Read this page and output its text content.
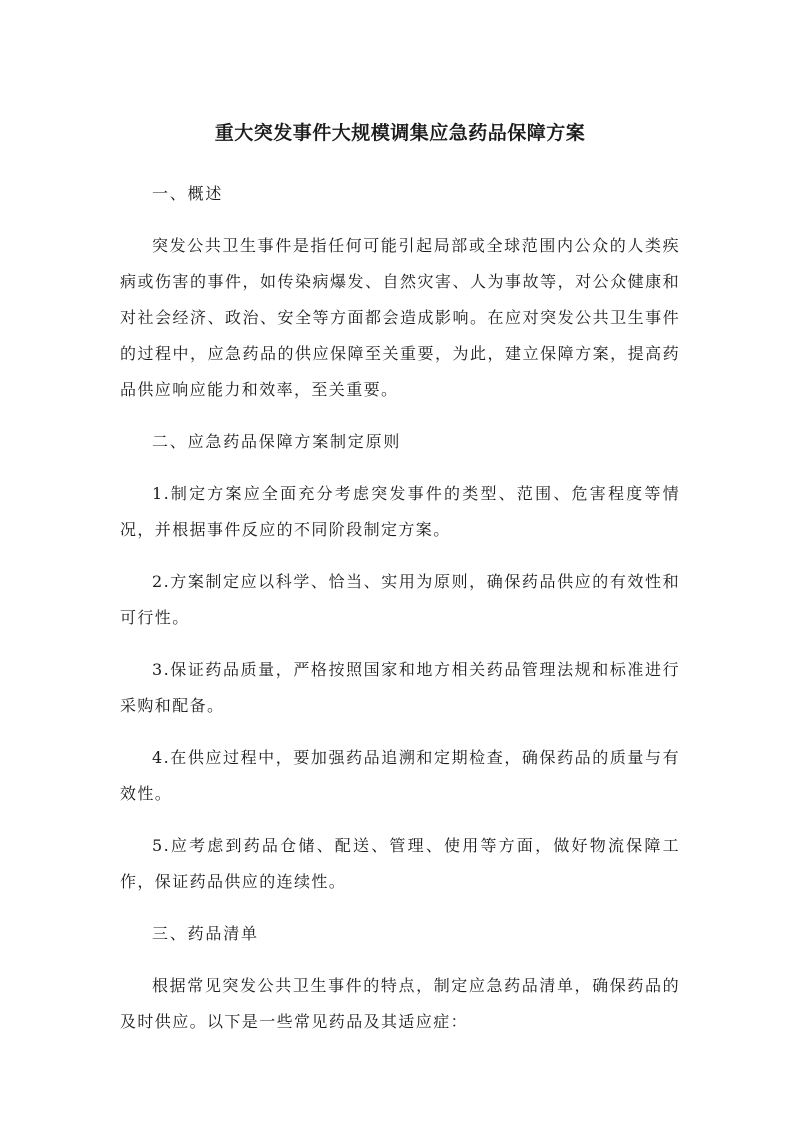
重大突发事件大规模调集应急药品保障方案

一、概述

突发公共卫生事件是指任何可能引起局部或全球范围内公众的人类疾病或伤害的事件，如传染病爆发、自然灾害、人为事故等，对公众健康和对社会经济、政治、安全等方面都会造成影响。在应对突发公共卫生事件的过程中，应急药品的供应保障至关重要，为此，建立保障方案，提高药品供应响应能力和效率，至关重要。

二、应急药品保障方案制定原则

1.制定方案应全面充分考虑突发事件的类型、范围、危害程度等情况，并根据事件反应的不同阶段制定方案。

2.方案制定应以科学、恰当、实用为原则，确保药品供应的有效性和可行性。

3.保证药品质量，严格按照国家和地方相关药品管理法规和标准进行采购和配备。

4.在供应过程中，要加强药品追溯和定期检查，确保药品的质量与有效性。

5.应考虑到药品仓储、配送、管理、使用等方面，做好物流保障工作，保证药品供应的连续性。

三、药品清单

根据常见突发公共卫生事件的特点，制定应急药品清单，确保药品的及时供应。以下是一些常见药品及其适应症：
